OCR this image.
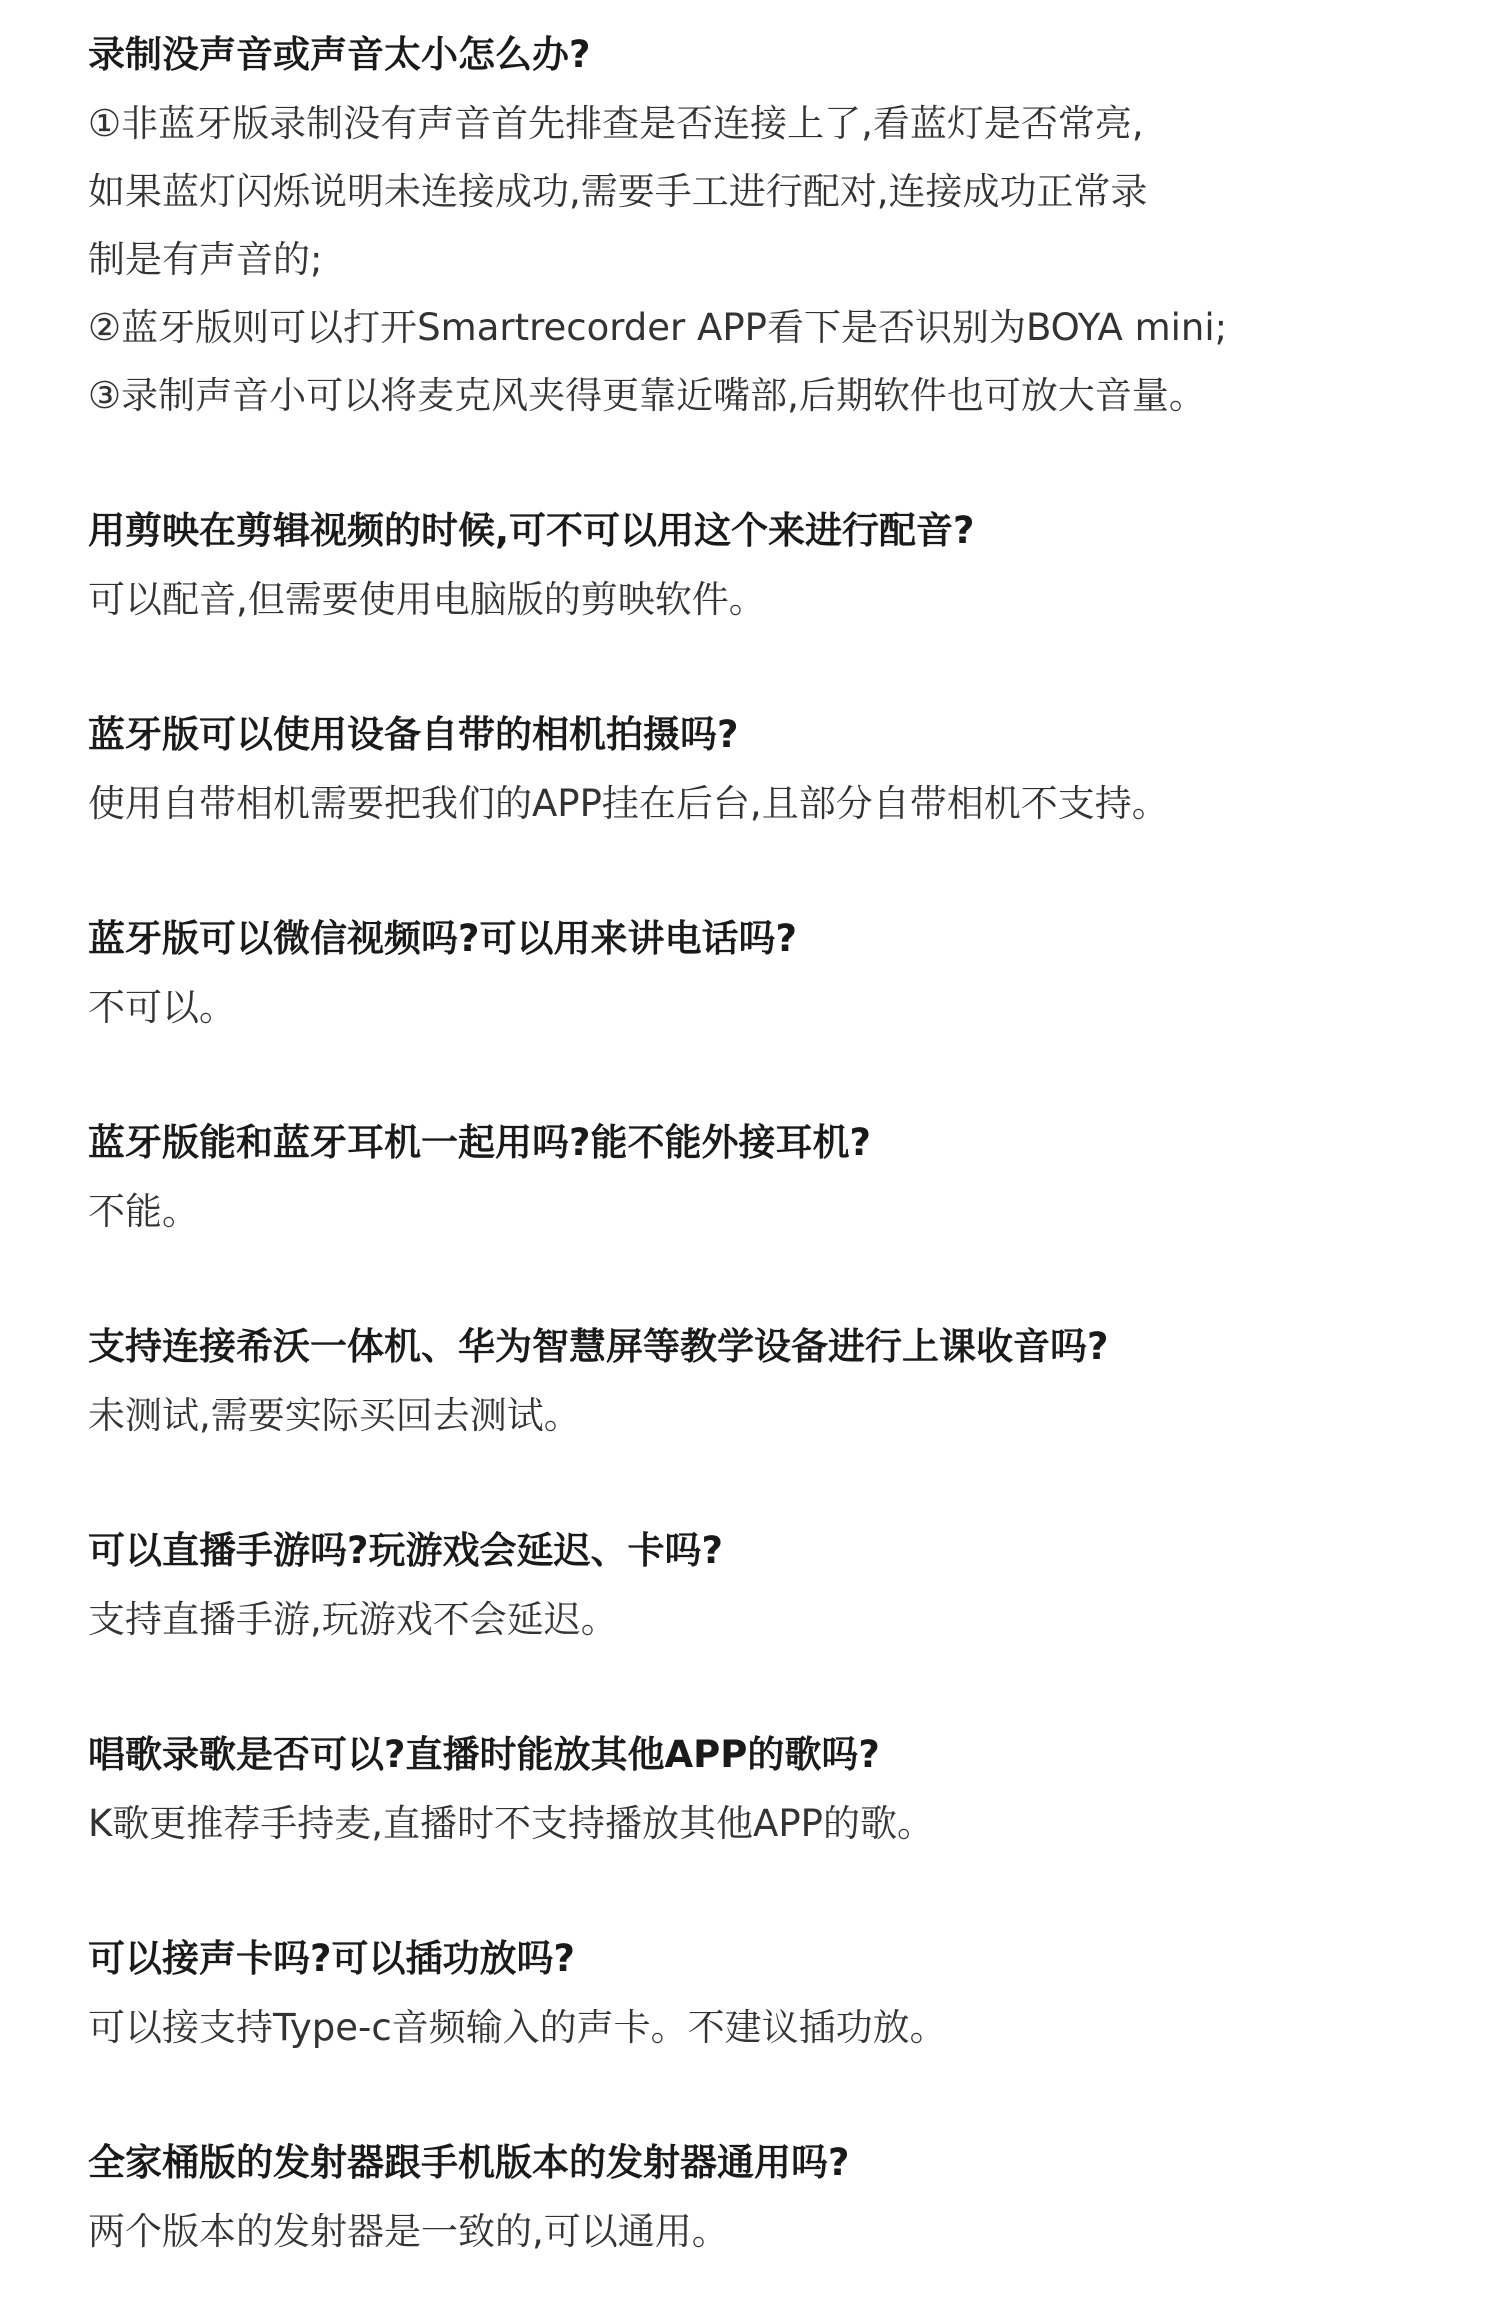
录制没声音或声音太小怎么办?

①非蓝牙版录制没有声音首先排查是否连接上了,看蓝灯是否常亮,

如果蓝灯闪烁说明未连接成功,需要手工进行配对,连接成功正常录

制是有声音的;

②蓝牙版则可以打开Smartrecorder APP看下是否识别为BOYA mini;

③录制声音小可以将麦克风夹得更靠近嘴部,后期软件也可放大音量。

用剪映在剪辑视频的时候,可不可以用这个来进行配音?

可以配音,但需要使用电脑版的剪映软件。

蓝牙版可以使用设备自带的相机拍摄吗?

使用自带相机需要把我们的APP挂在后台,且部分自带相机不支持。

蓝牙版可以微信视频吗?可以用来讲电话吗?

不可以。

蓝牙版能和蓝牙耳机一起用吗?能不能外接耳机?

不能。

支持连接希沃一体机、华为智慧屏等教学设备进行上课收音吗?

未测试,需要实际买回去测试。

可以直播手游吗?玩游戏会延迟、卡吗?

支持直播手游,玩游戏不会延迟。

唱歌录歌是否可以?直播时能放其他APP的歌吗?

K歌更推荐手持麦,直播时不支持播放其他APP的歌。

可以接声卡吗?可以插功放吗?

可以接支持Type-c音频输入的声卡。不建议插功放。

全家桶版的发射器跟手机版本的发射器通用吗?

两个版本的发射器是一致的,可以通用。
